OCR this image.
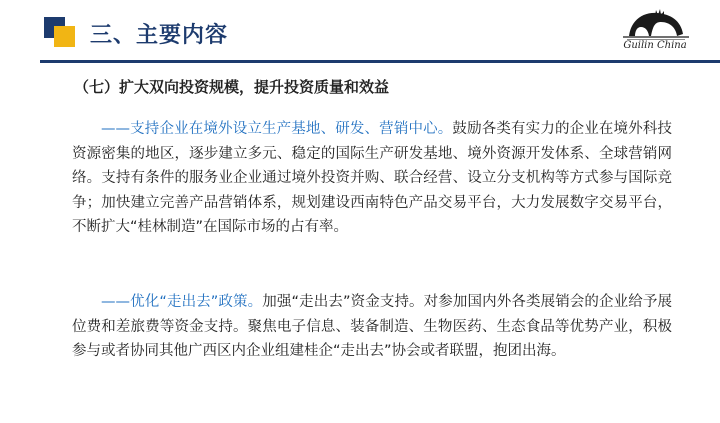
三、主要内容	Guilin China
（七）扩大双向投资规模，提升投资质量和效益

——支持企业在境外设立生产基地、研发、营销中心。鼓励各类有实力的企业在境外科技资源密集的地区，逐步建立多元、稳定的国际生产研发基地、境外资源开发体系、全球营销网络。支持有条件的服务业企业通过境外投资并购、联合经营、设立分支机构等方式参与国际竞争；加快建立完善产品营销体系，规划建设西南特色产品交易平台，大力发展数字交易平台，不断扩大“桂林制造”在国际市场的占有率。

——优化“走出去”政策。加强“走出去”资金支持。对参加国内外各类展销会的企业给予展位费和差旅费等资金支持。聚焦电子信息、装备制造、生物医药、生态食品等优势产业，积极参与或者协同其他广西区内企业组建桂企“走出去”协会或者联盟，抱团出海。
